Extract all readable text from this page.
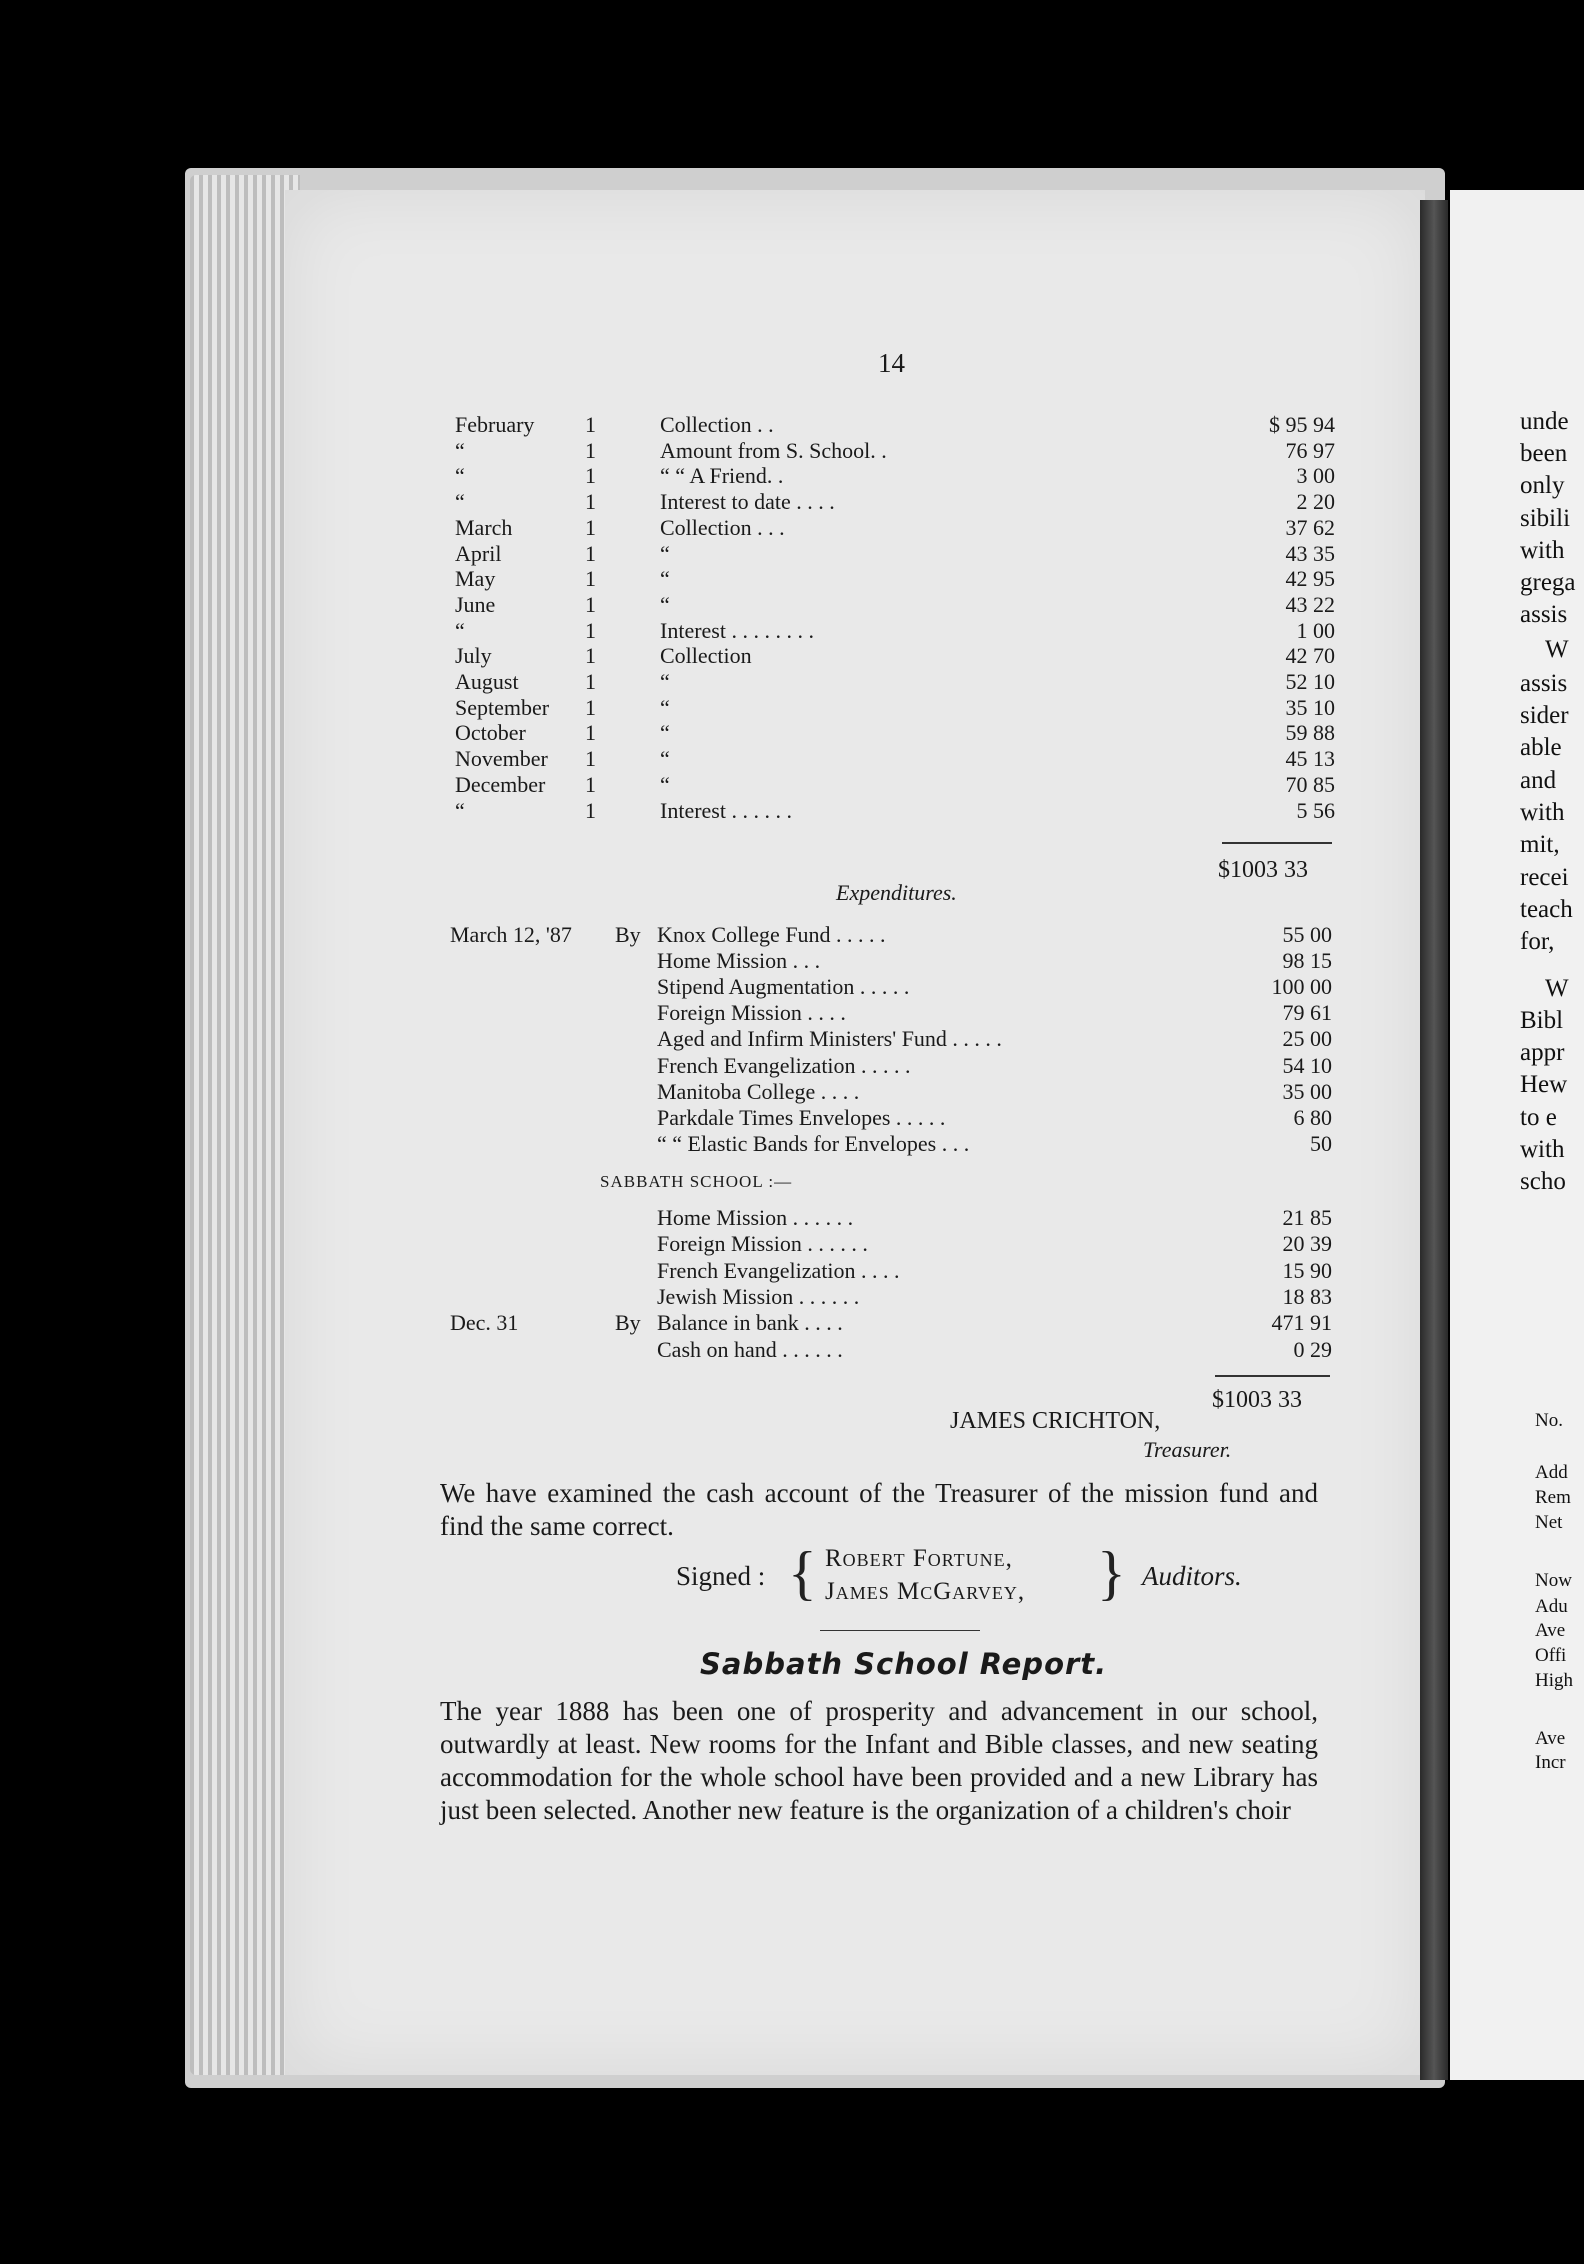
14
February 1	Collection . .	$ 95 94
“	1	Amount from S. School. .	76 97
“	1	“ “ A Friend. .	3 00
“	1	Interest to date . . . .	2 20
March	1	Collection . . .	37 62
April	1	“	43 35
May	1	“	42 95
June	1	“	43 22
“	1	Interest . . . . . . . .	1 00
July	1	Collection	42 70
August	1	“	52 10
September 1	“	35 10
October	1	“	59 88
November 1	“	45 13
December 1	“	70 85
“	1	Interest . . . . . .	5 56
$1003 33
Expenditures.
March 12, '87 By Knox College Fund . . . . .	55 00
Home Mission . . .	98 15
Stipend Augmentation . . . . .	100 00
Foreign Mission . . . .	79 61
Aged and Infirm Ministers' Fund . . . . .	25 00
French Evangelization . . . . .	54 10
Manitoba College . . . .	35 00
Parkdale Times Envelopes . . . . .	6 80
“ “ Elastic Bands for Envelopes . . .	50
SABBATH SCHOOL :—
Home Mission . . . . . .	21 85
Foreign Mission . . . . . .	20 39
French Evangelization . . . .	15 90
Jewish Mission . . . . . .	18 83
Dec. 31	By Balance in bank . . . .	471 91
Cash on hand . . . . . .	0 29
$1003 33
JAMES CRICHTON,
Treasurer.
We have examined the cash account of the Treasurer of the mission fund and find the same correct.
Signed : { Robert Fortune,
James McGarvey, } Auditors.
Sabbath School Report.
The year 1888 has been one of prosperity and advancement in our school, outwardly at least. New rooms for the Infant and Bible classes, and new seating accommodation for the whole school have been provided and a new Library has just been selected. Another new feature is the organization of a children's choir
unde
been
only
sibili
with
grega
assis
W
assis
sider
able
and
with
mit,
recei
teach
for,
W
Bibl
appr
Hew
to e
with
scho
No.
Add
Rem
Net
Now
Adu
Ave
Offi
High
Ave
Incr
